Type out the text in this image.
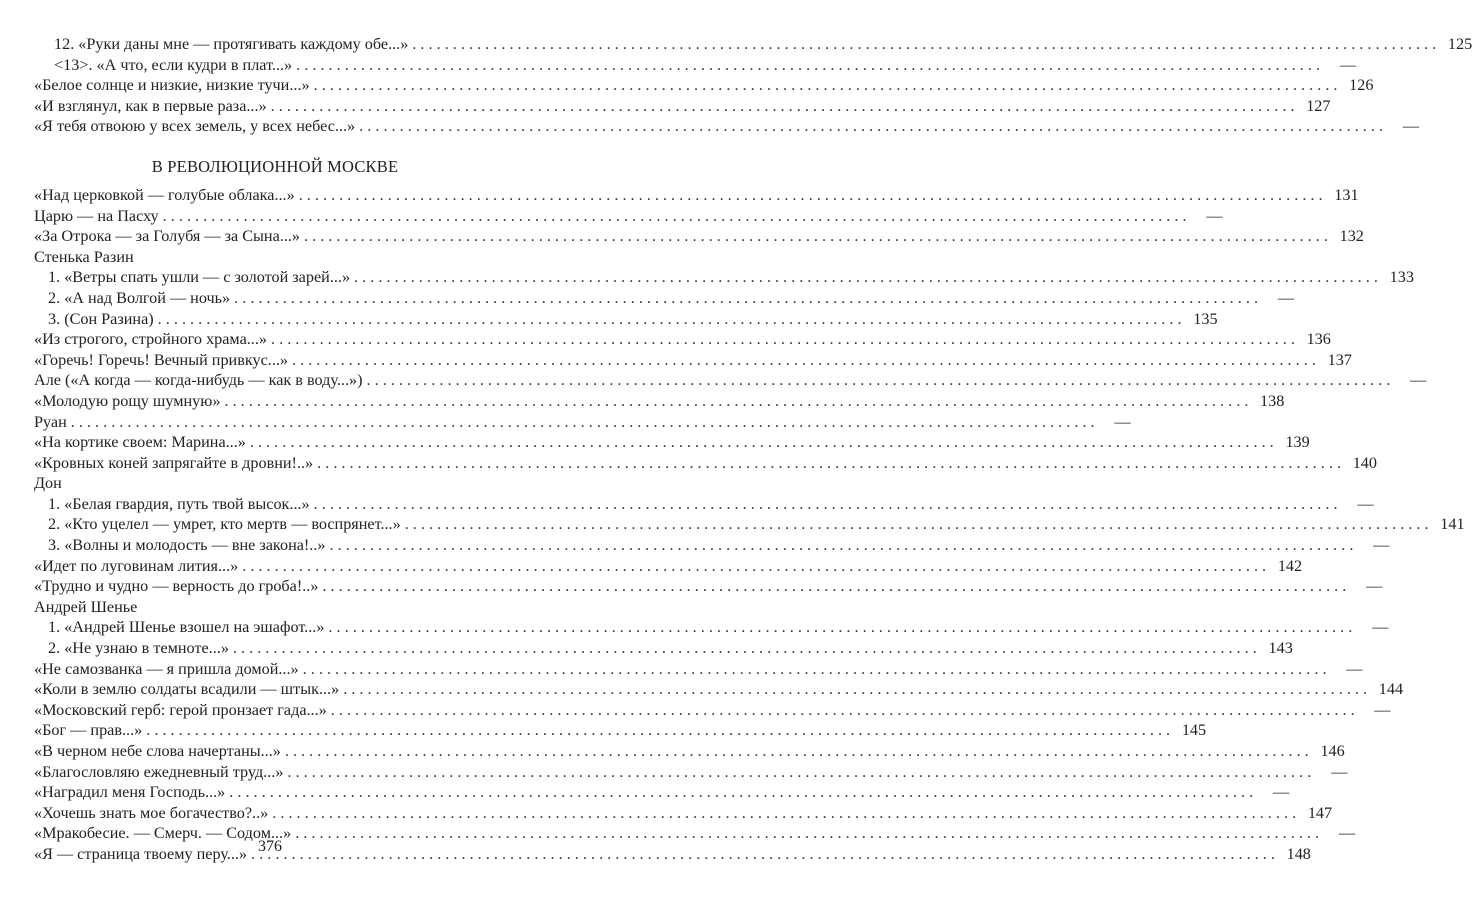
12. «Руки даны мне — протягивать каждому обе...» . . .	125
<13>. «А что, если кудри в плат...» . . .	—
«Белое солнце и низкие, низкие тучи...» . . .	126
«И взглянул, как в первые раза...» . . .	127
«Я тебя отвоюю у всех земель, у всех небес...» . . .	—
В РЕВОЛЮЦИОННОЙ МОСКВЕ
«Над церковкой — голубые облака...» . . .	131
Царю — на Пасху . . .	—
«За Отрока — за Голубя — за Сына...» . . .	132
Стенька Разин
1. «Ветры спать ушли — с золотой зарей...» . . .	133
2. «А над Волгой — ночь» . . .	—
3. (Сон Разина) . . .	135
«Из строгого, стройного храма...» . . .	136
«Горечь! Горечь! Вечный привкус...» . . .	137
Але («А когда — когда-нибудь — как в воду...») . . .	—
«Молодую рощу шумную» . . .	138
Руан . . .	—
«На кортике своем: Марина...» . . .	139
«Кровных коней запрягайте в дровни!..» . . .	140
Дон
1. «Белая гвардия, путь твой высок...» . . .	—
2. «Кто уцелел — умрет, кто мертв — воспрянет...» . . .	141
3. «Волны и молодость — вне закона!..» . . .	—
«Идет по луговинам лития...» . . .	142
«Трудно и чудно — верность до гроба!..» . . .	—
Андрей Шенье
1. «Андрей Шенье взошел на эшафот...» . . .	—
2. «Не узнаю в темноте...» . . .	143
«Не самозванка — я пришла домой...» . . .	—
«Коли в землю солдаты всадили — штык...» . . .	144
«Московский герб: герой пронзает гада...» . . .	—
«Бог — прав...» . . .	145
«В черном небе слова начертаны...» . . .	146
«Благословляю ежедневный труд...» . . .	—
«Наградил меня Господь...» . . .	—
«Хочешь знать мое богачество?..» . . .	147
«Мракобесие. — Смерч. — Содом...» . . .	—
«Я — страница твоему перу...» . . .	148
376
